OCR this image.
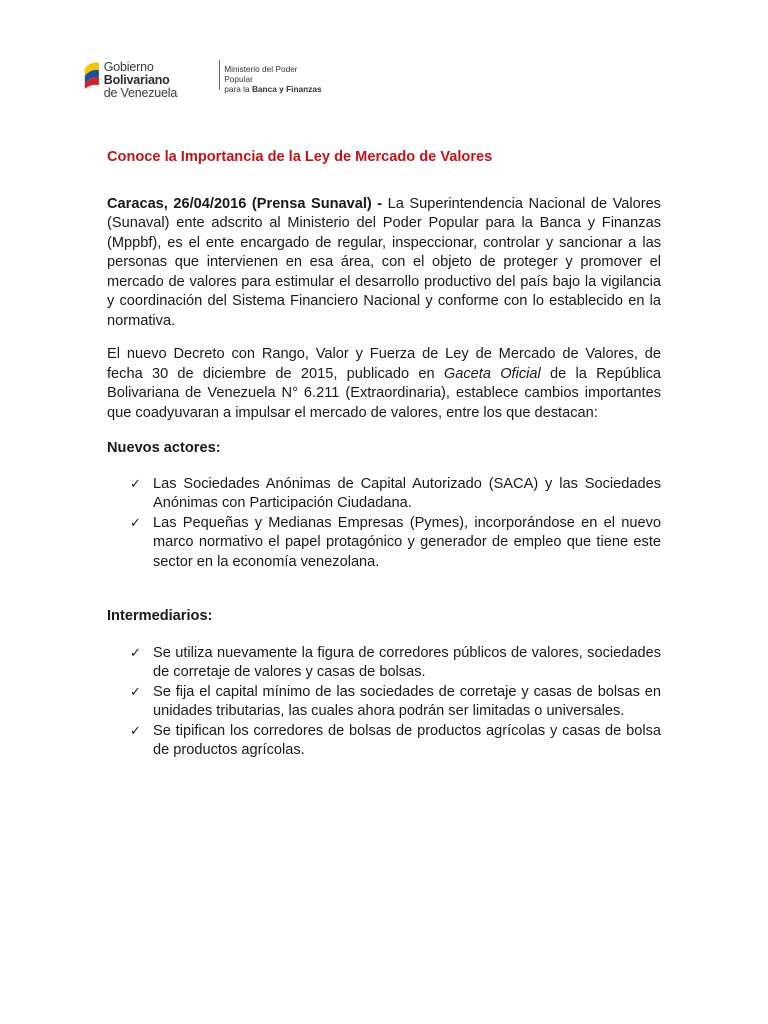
Gobierno Bolivariano
de Venezuela
Ministerio del Poder Popular
para la Banca y Finanzas
Conoce la Importancia de la Ley de Mercado de Valores

Caracas, 26/04/2016 (Prensa Sunaval) - La Superintendencia Nacional de Valores (Sunaval) ente adscrito al Ministerio del Poder Popular para la Banca y Finanzas (Mppbf), es el ente encargado de regular, inspeccionar, controlar y sancionar a las personas que intervienen en esa área, con el objeto de proteger y promover el mercado de valores para estimular el desarrollo productivo del país bajo la vigilancia y coordinación del Sistema Financiero Nacional y conforme con lo establecido en la normativa.

El nuevo Decreto con Rango, Valor y Fuerza de Ley de Mercado de Valores, de fecha 30 de diciembre de 2015, publicado en Gaceta Oficial de la República Bolivariana de Venezuela N° 6.211 (Extraordinaria), establece cambios importantes que coadyuvaran a impulsar el mercado de valores, entre los que destacan:

Nuevos actores:

✓ Las Sociedades Anónimas de Capital Autorizado (SACA) y las Sociedades Anónimas con Participación Ciudadana.
✓ Las Pequeñas y Medianas Empresas (Pymes), incorporándose en el nuevo marco normativo el papel protagónico y generador de empleo que tiene este sector en la economía venezolana.

Intermediarios:

✓ Se utiliza nuevamente la figura de corredores públicos de valores, sociedades de corretaje de valores y casas de bolsas.
✓ Se fija el capital mínimo de las sociedades de corretaje y casas de bolsas en unidades tributarias, las cuales ahora podrán ser limitadas o universales.
✓ Se tipifican los corredores de bolsas de productos agrícolas y casas de bolsa de productos agrícolas.
